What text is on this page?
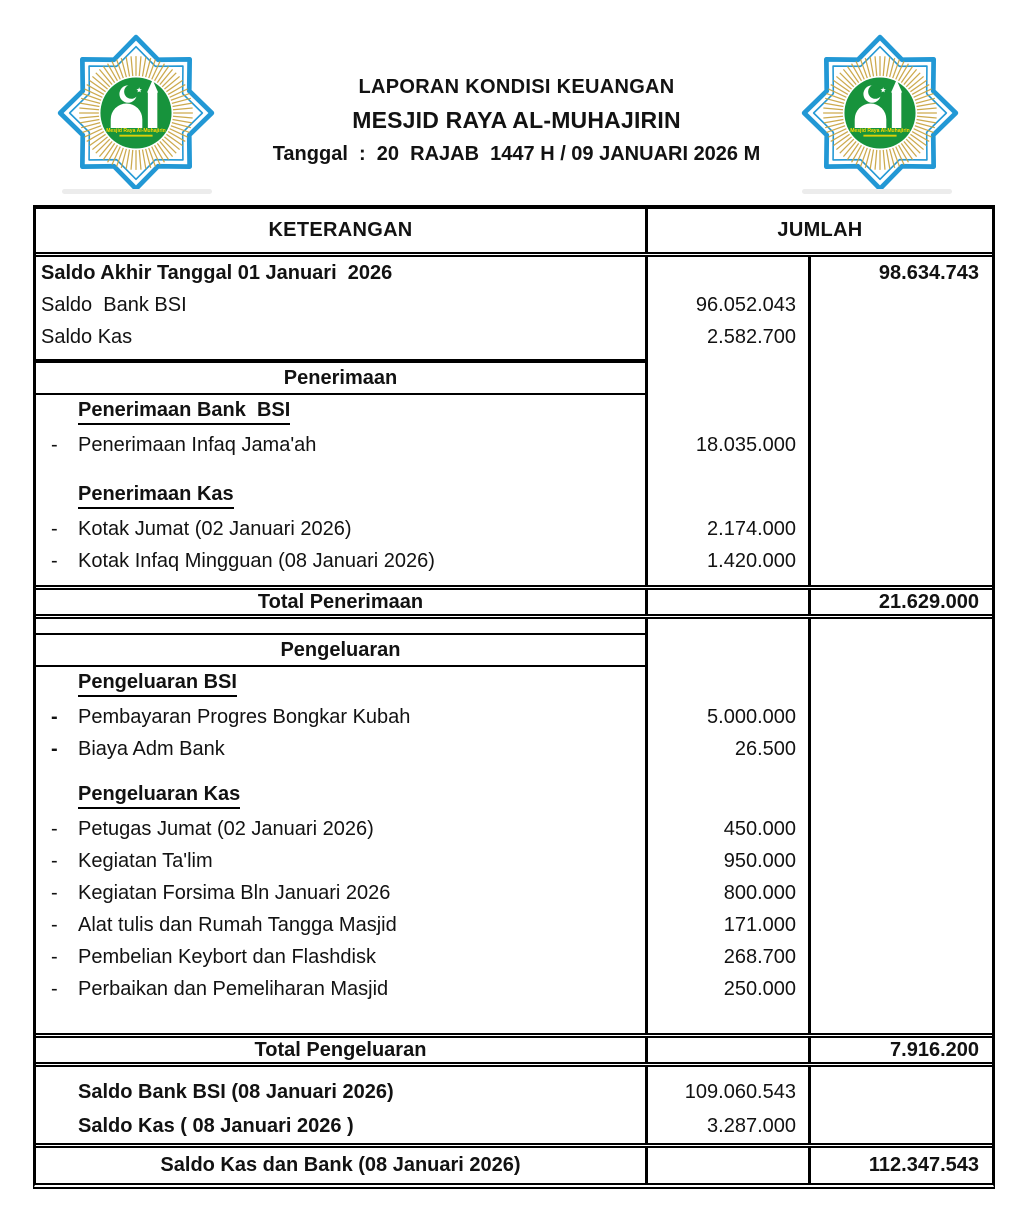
الكم
Mesjid Raya Al-Muhajirin
الكم
Mesjid Raya Al-Muhajirin
LAPORAN KONDISI KEUANGAN
MESJID RAYA AL-MUHAJIRIN
Tanggal  :  20  RAJAB  1447 H / 09 JANUARI 2026 M
KETERANGAN	JUMLAH
Saldo Akhir Tanggal 01 Januari  2026	98.634.743
Saldo  Bank BSI	96.052.043
Saldo Kas	2.582.700
Penerimaan
Penerimaan Bank  BSI
-	Penerimaan Infaq Jama'ah	18.035.000
Penerimaan Kas
-	Kotak Jumat (02 Januari 2026)	2.174.000
-	Kotak Infaq Mingguan (08 Januari 2026)	1.420.000
Total Penerimaan	21.629.000
Pengeluaran
Pengeluaran BSI
-	Pembayaran Progres Bongkar Kubah	5.000.000
-	Biaya Adm Bank	26.500
Pengeluaran Kas
-	Petugas Jumat (02 Januari 2026)	450.000
-	Kegiatan Ta'lim	950.000
-	Kegiatan Forsima Bln Januari 2026	800.000
-	Alat tulis dan Rumah Tangga Masjid	171.000
-	Pembelian Keybort dan Flashdisk	268.700
-	Perbaikan dan Pemeliharan Masjid	250.000
Total Pengeluaran	7.916.200
Saldo Bank BSI (08 Januari 2026)	109.060.543
Saldo Kas ( 08 Januari 2026 )	3.287.000
Saldo Kas dan Bank (08 Januari 2026)	112.347.543
